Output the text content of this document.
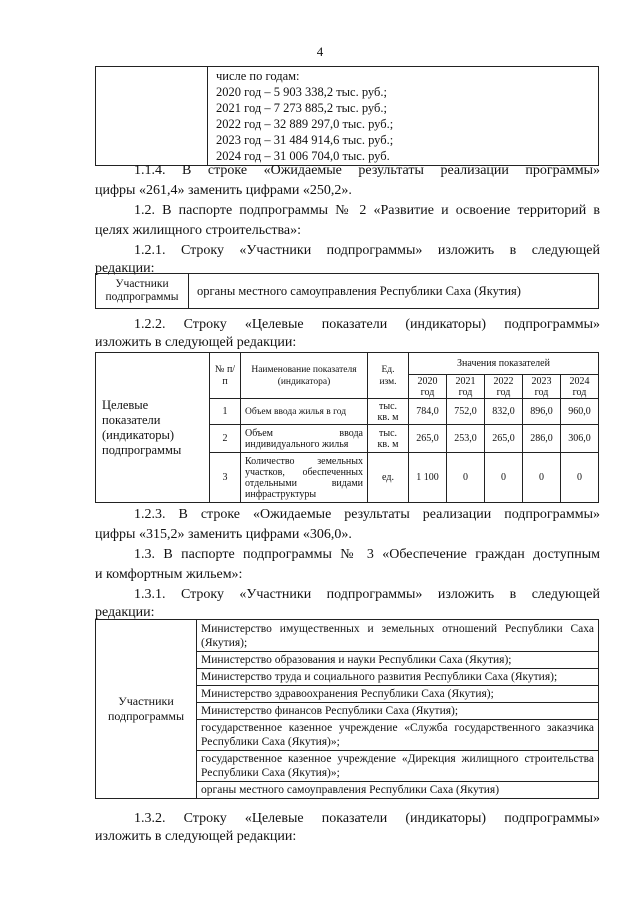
4

числе по годам:
2020 год – 5 903 338,2 тыс. руб.;
2021 год – 7 273 885,2 тыс. руб.;
2022 год – 32 889 297,0 тыс. руб.;
2023 год – 31 484 914,6 тыс. руб.;
2024 год – 31 006 704,0 тыс. руб.
1.1.4. В строке «Ожидаемые результаты реализации программы»
цифры «261,4» заменить цифрами «250,2».
1.2. В паспорте подпрограммы № 2 «Развитие и освоение территорий в
целях жилищного строительства»:
1.2.1. Строку «Участники подпрограммы» изложить в следующей
редакции:
Участники подпрограммы	органы местного самоуправления Республики Саха (Якутия)
1.2.2. Строку «Целевые показатели (индикаторы) подпрограммы»
изложить в следующей редакции:
Целевые показатели (индикаторы) подпрограммы	№ п/п	Наименование показателя (индикатора)	Ед. изм.	Значения показателей				
				2020 год	2021 год	2022 год	2023 год	2024 год
	1	Объем ввода жилья в год	тыс. кв. м	784,0	752,0	832,0	896,0	960,0
	2	Объем ввода индивидуального жилья	тыс. кв. м	265,0	253,0	265,0	286,0	306,0
	3	Количество земельных участков, обеспеченных отдельными видами инфраструктуры	ед.	1 100	0	0	0	0
1.2.3. В строке «Ожидаемые результаты реализации подпрограммы»
цифры «315,2» заменить цифрами «306,0».
1.3. В паспорте подпрограммы № 3 «Обеспечение граждан доступным
и комфортным жильем»:
1.3.1. Строку «Участники подпрограммы» изложить в следующей
редакции:
Участники подпрограммы	
Министерство имущественных и земельных отношений Республики Саха (Якутия);
Министерство образования и науки Республики Саха (Якутия);
Министерство труда и социального развития Республики Саха (Якутия);
Министерство здравоохранения Республики Саха (Якутия);
Министерство финансов Республики Саха (Якутия);
государственное казенное учреждение «Служба государственного заказчика Республики Саха (Якутия)»;
государственное казенное учреждение «Дирекция жилищного строительства Республики Саха (Якутия)»;
органы местного самоуправления Республики Саха (Якутия)
1.3.2. Строку «Целевые показатели (индикаторы) подпрограммы»
изложить в следующей редакции:
